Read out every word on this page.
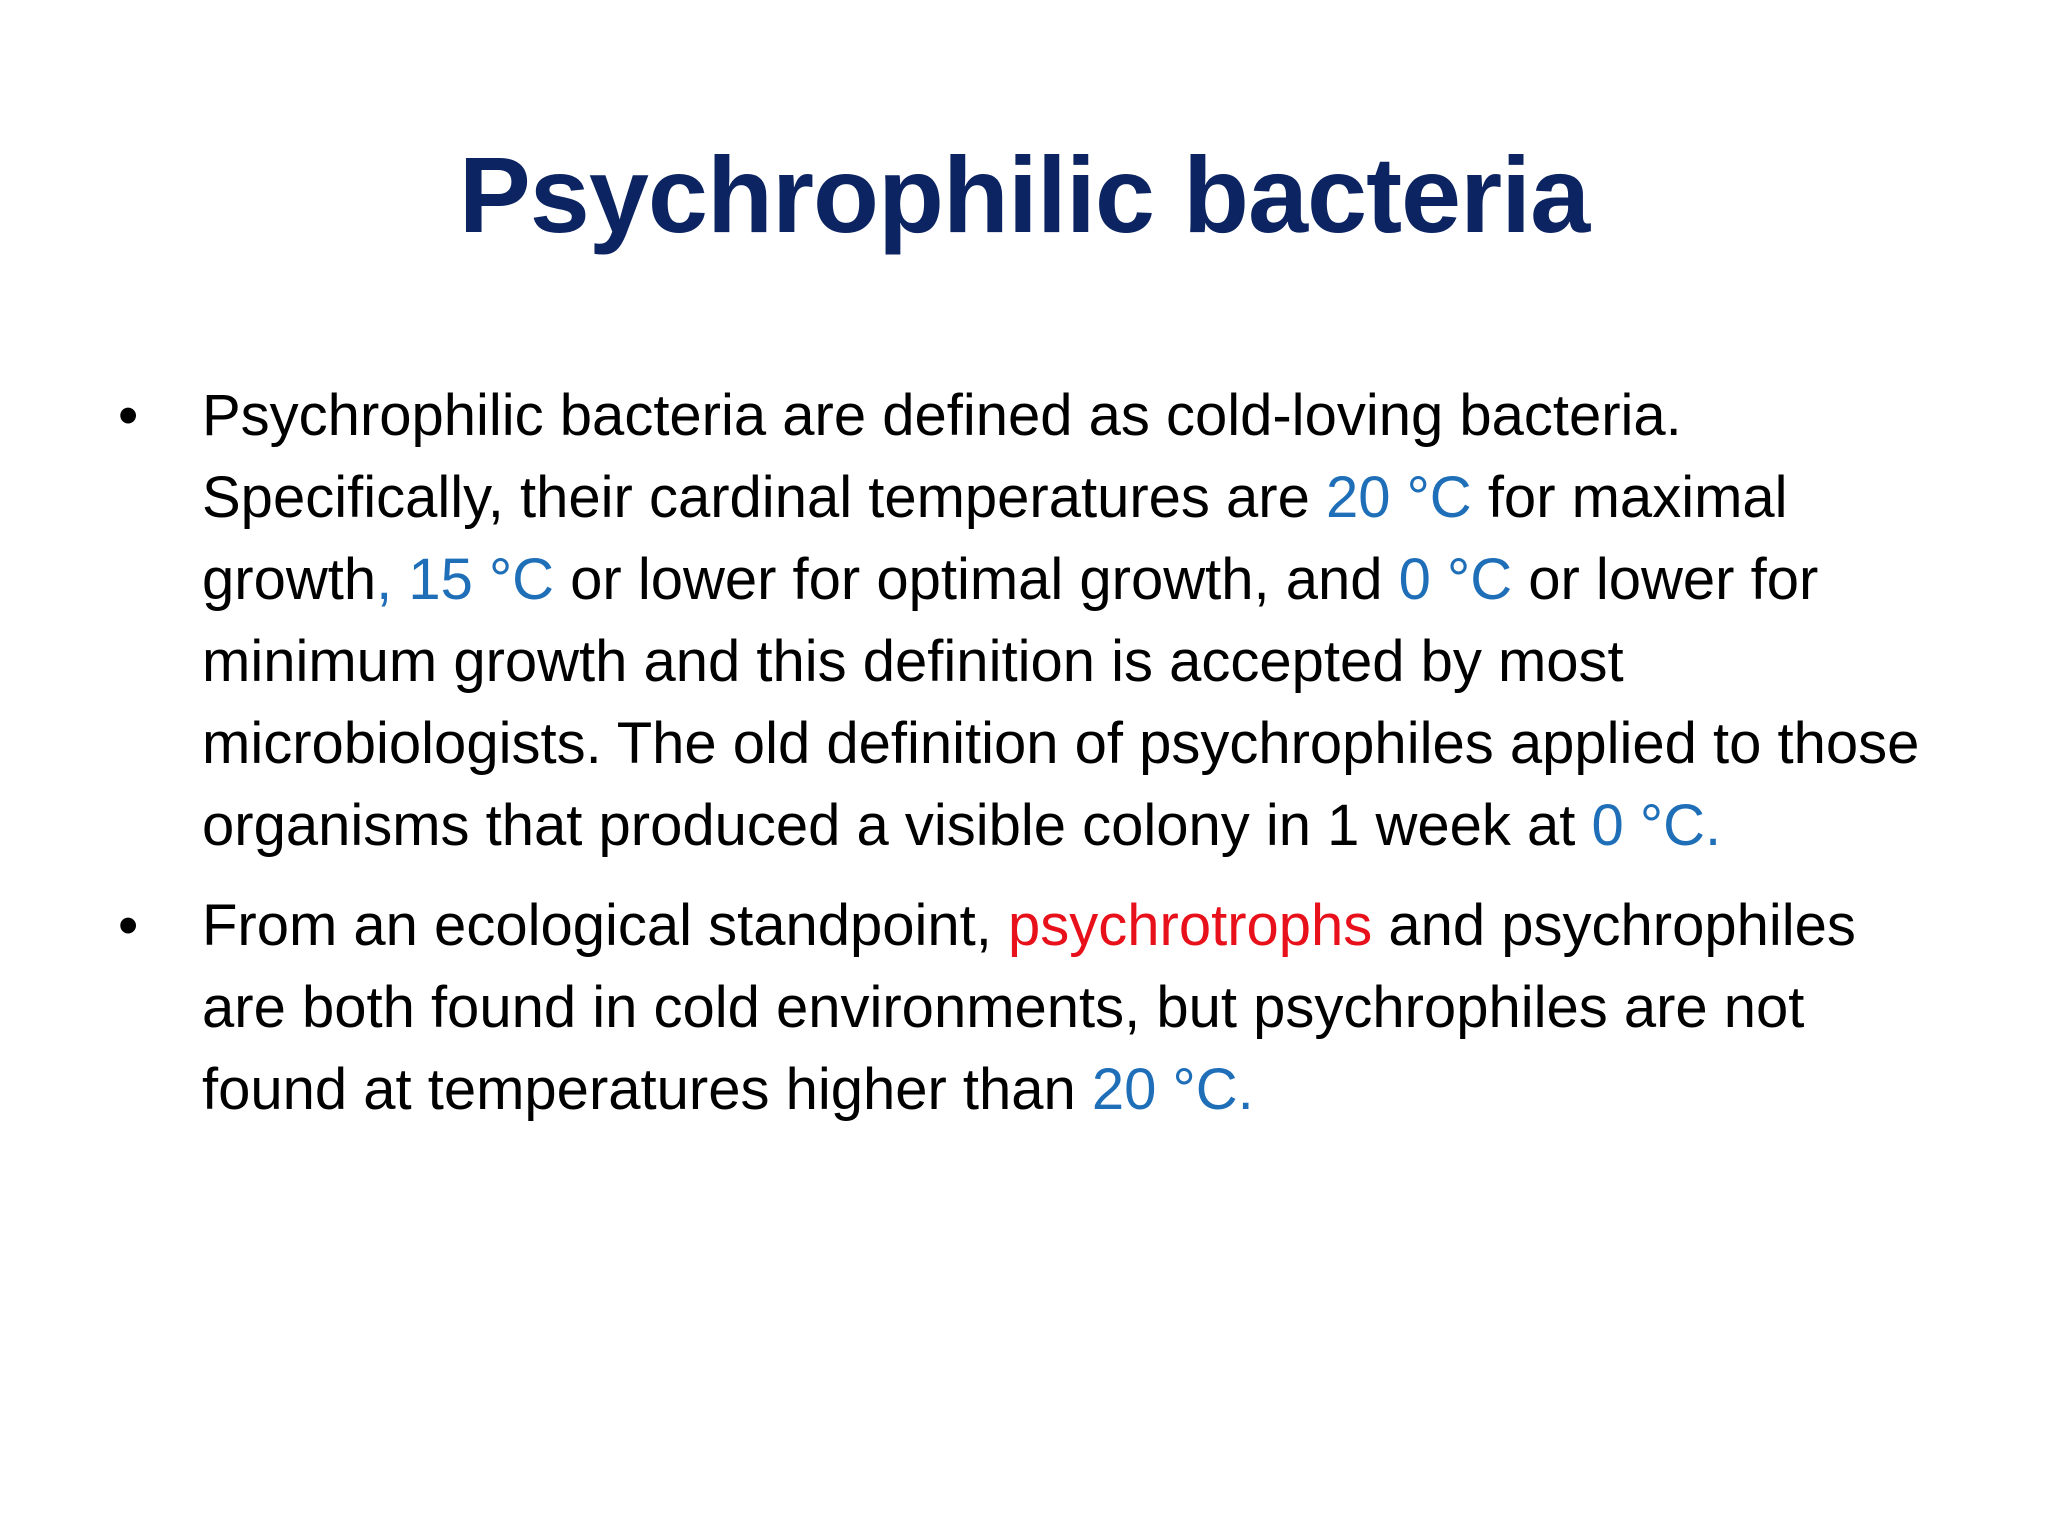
Psychrophilic bacteria
•	Psychrophilic bacteria are defined as cold-loving bacteria. Specifically, their cardinal temperatures are 20 °C for maximal growth, 15 °C or lower for optimal growth, and 0 °C or lower for minimum growth and this definition is accepted by most microbiologists. The old definition of psychrophiles applied to those organisms that produced a visible colony in 1 week at 0 °C.
•	From an ecological standpoint, psychrotrophs and psychrophiles are both found in cold environments, but psychrophiles are not found at temperatures higher than 20 °C.
